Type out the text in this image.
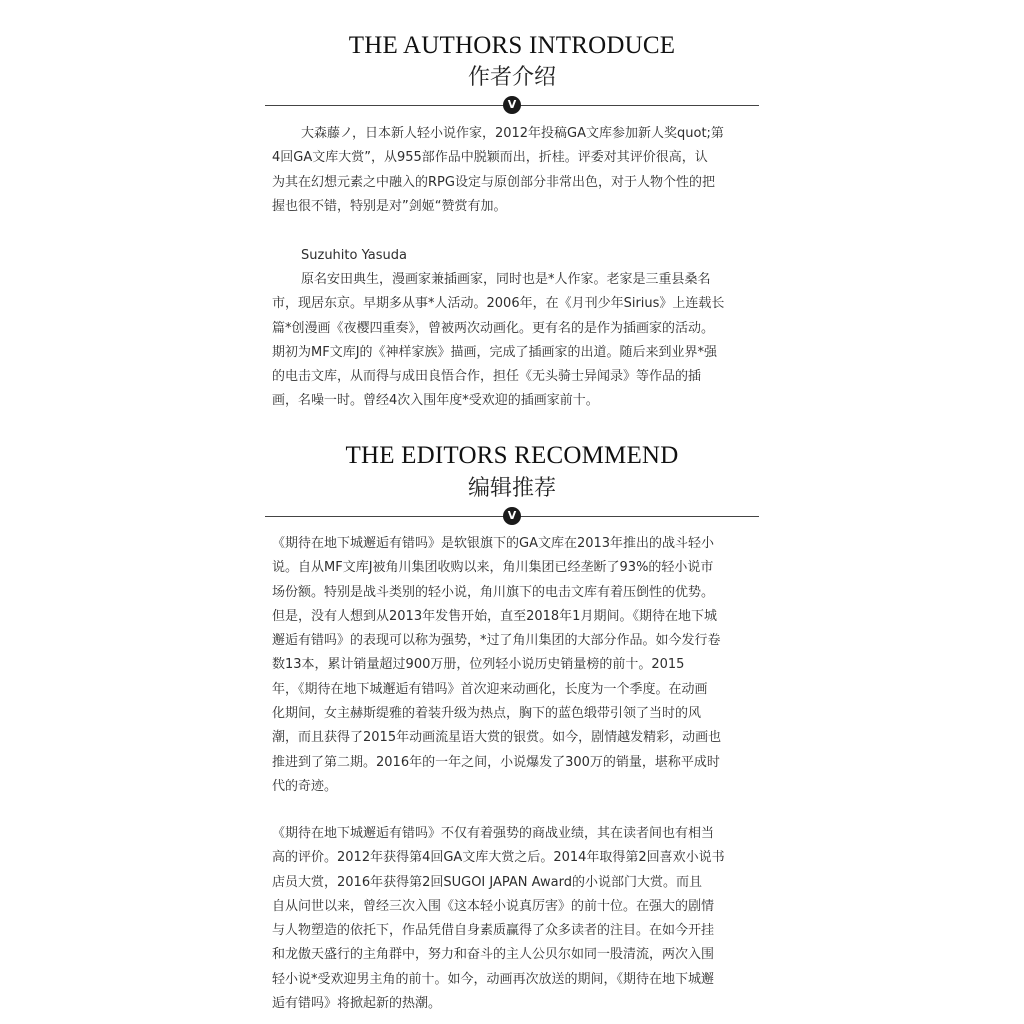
THE AUTHORS INTRODUCE
作者介绍
V
大森藤ノ，日本新人轻小说作家，2012年投稿GA文库参加新人奖quot;第
4回GA文库大赏”，从955部作品中脱颖而出，折桂。评委对其评价很高，认
为其在幻想元素之中融入的RPG设定与原创部分非常出色，对于人物个性的把
握也很不错，特别是对”剑姬“赞赏有加。

Suzuhito Yasuda

原名安田典生，漫画家兼插画家，同时也是*人作家。老家是三重县桑名
市，现居东京。早期多从事*人活动。2006年，在《月刊少年Sirius》上连载长
篇*创漫画《夜樱四重奏》，曾被两次动画化。更有名的是作为插画家的活动。
期初为MF文库J的《神样家族》描画，完成了插画家的出道。随后来到业界*强
的电击文库，从而得与成田良悟合作，担任《无头骑士异闻录》等作品的插
画，名噪一时。曾经4次入围年度*受欢迎的插画家前十。
THE EDITORS RECOMMEND
编辑推荐
V
《期待在地下城邂逅有错吗》是软银旗下的GA文库在2013年推出的战斗轻小
说。自从MF文库J被角川集团收购以来，角川集团已经垄断了93%的轻小说市
场份额。特别是战斗类别的轻小说，角川旗下的电击文库有着压倒性的优势。
但是，没有人想到从2013年发售开始，直至2018年1月期间。《期待在地下城
邂逅有错吗》的表现可以称为强势，*过了角川集团的大部分作品。如今发行卷
数13本，累计销量超过900万册，位列轻小说历史销量榜的前十。2015
年，《期待在地下城邂逅有错吗》首次迎来动画化，长度为一个季度。在动画
化期间，女主赫斯缇雅的着装升级为热点，胸下的蓝色缎带引领了当时的风
潮，而且获得了2015年动画流星语大赏的银赏。如今，剧情越发精彩，动画也
推进到了第二期。2016年的一年之间，小说爆发了300万的销量，堪称平成时
代的奇迹。
《期待在地下城邂逅有错吗》不仅有着强势的商战业绩，其在读者间也有相当
高的评价。2012年获得第4回GA文库大赏之后。2014年取得第2回喜欢小说书
店员大赏，2016年获得第2回SUGOI JAPAN Award的小说部门大赏。而且
自从问世以来，曾经三次入围《这本轻小说真厉害》的前十位。在强大的剧情
与人物塑造的依托下，作品凭借自身素质赢得了众多读者的注目。在如今开挂
和龙傲天盛行的主角群中，努力和奋斗的主人公贝尔如同一股清流，两次入围
轻小说*受欢迎男主角的前十。如今，动画再次放送的期间，《期待在地下城邂
逅有错吗》将掀起新的热潮。
